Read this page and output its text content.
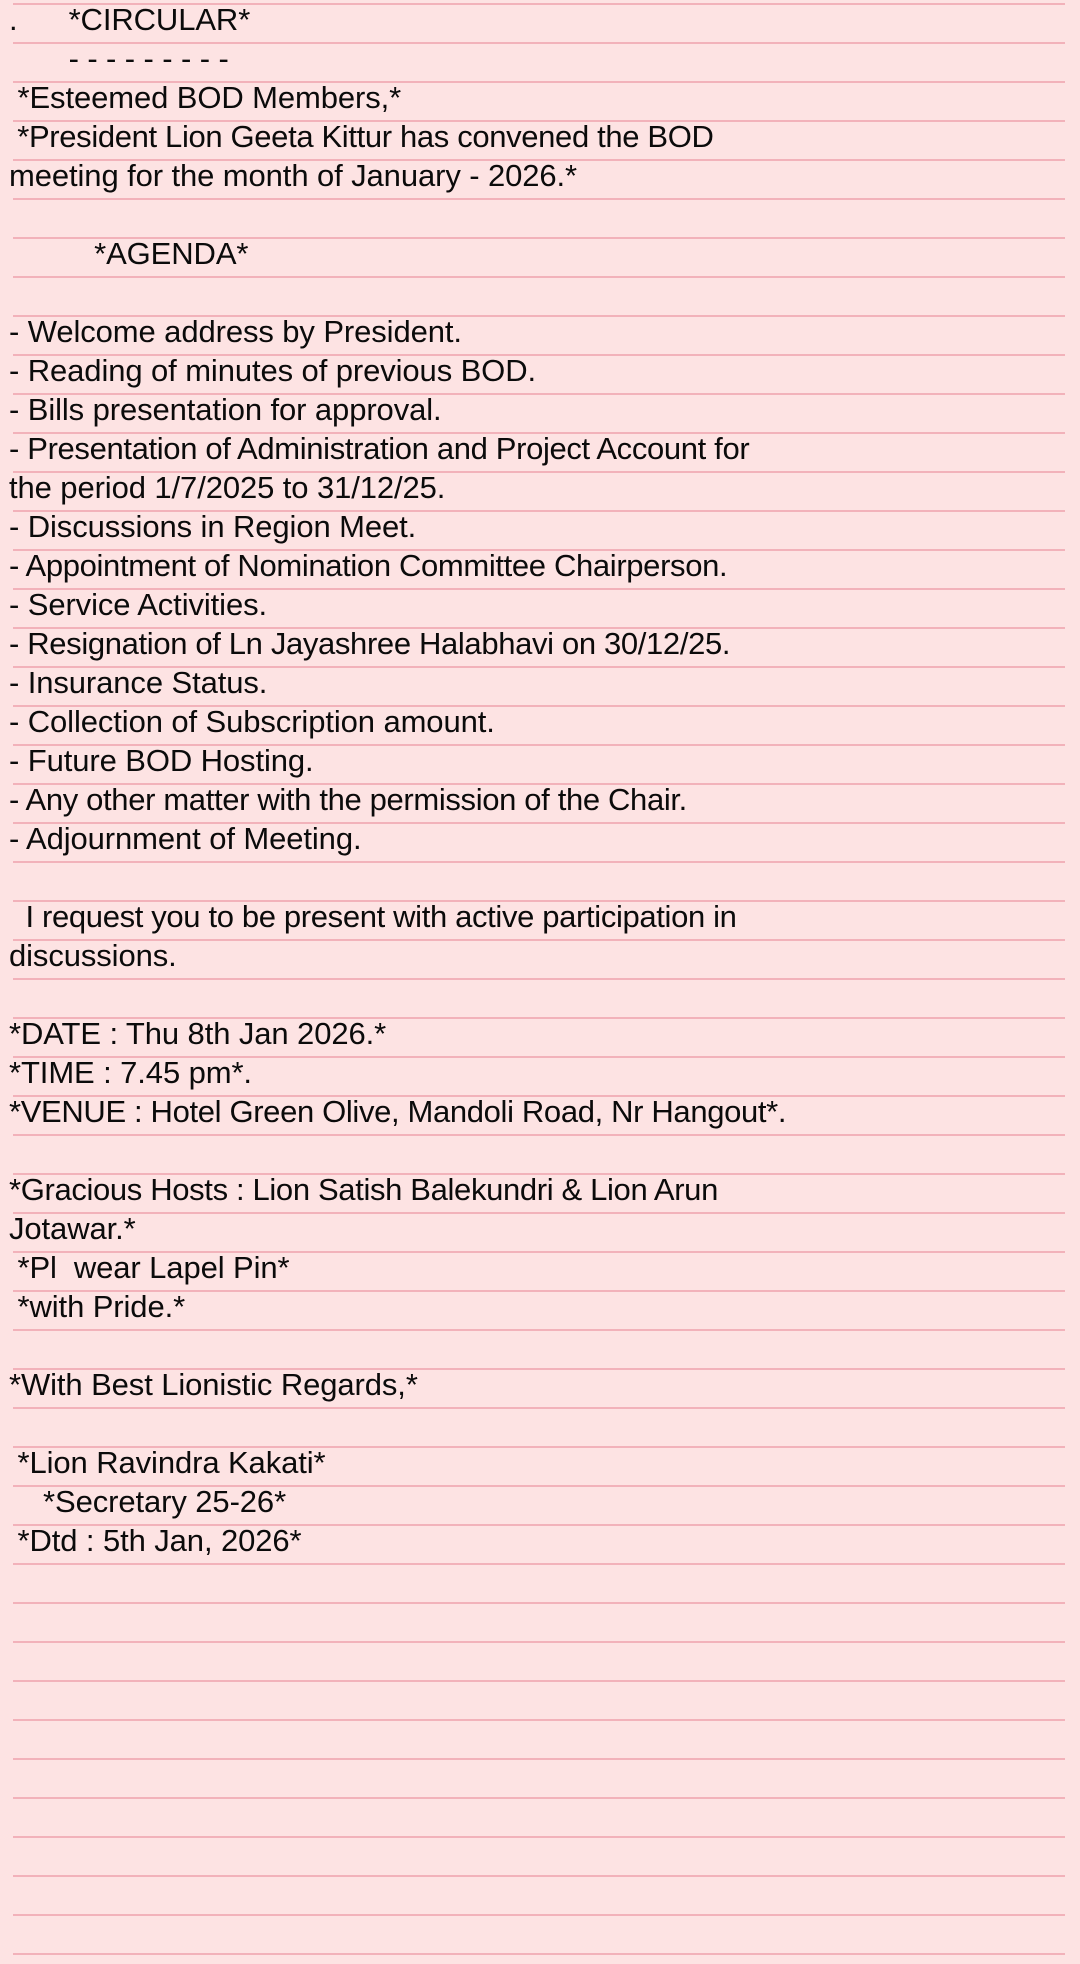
.      *CIRCULAR*
- - - - - - - - -
*Esteemed BOD Members,*
*President Lion Geeta Kittur has convened the BOD
meeting for the month of January - 2026.*
*AGENDA*
- Welcome address by President.
- Reading of minutes of previous BOD.
- Bills presentation for approval.
- Presentation of Administration and Project Account for
the period 1/7/2025 to 31/12/25.
- Discussions in Region Meet.
- Appointment of Nomination Committee Chairperson.
- Service Activities.
- Resignation of Ln Jayashree Halabhavi on 30/12/25.
- Insurance Status.
- Collection of Subscription amount.
- Future BOD Hosting.
- Any other matter with the permission of the Chair.
- Adjournment of Meeting.
I request you to be present with active participation in
discussions.
*DATE : Thu 8th Jan 2026.*
*TIME : 7.45 pm*.
*VENUE : Hotel Green Olive, Mandoli Road, Nr Hangout*.
*Gracious Hosts : Lion Satish Balekundri & Lion Arun
Jotawar.*
*Pl  wear Lapel Pin*
*with Pride.*
*With Best Lionistic Regards,*
*Lion Ravindra Kakati*
*Secretary 25-26*
*Dtd : 5th Jan, 2026*
